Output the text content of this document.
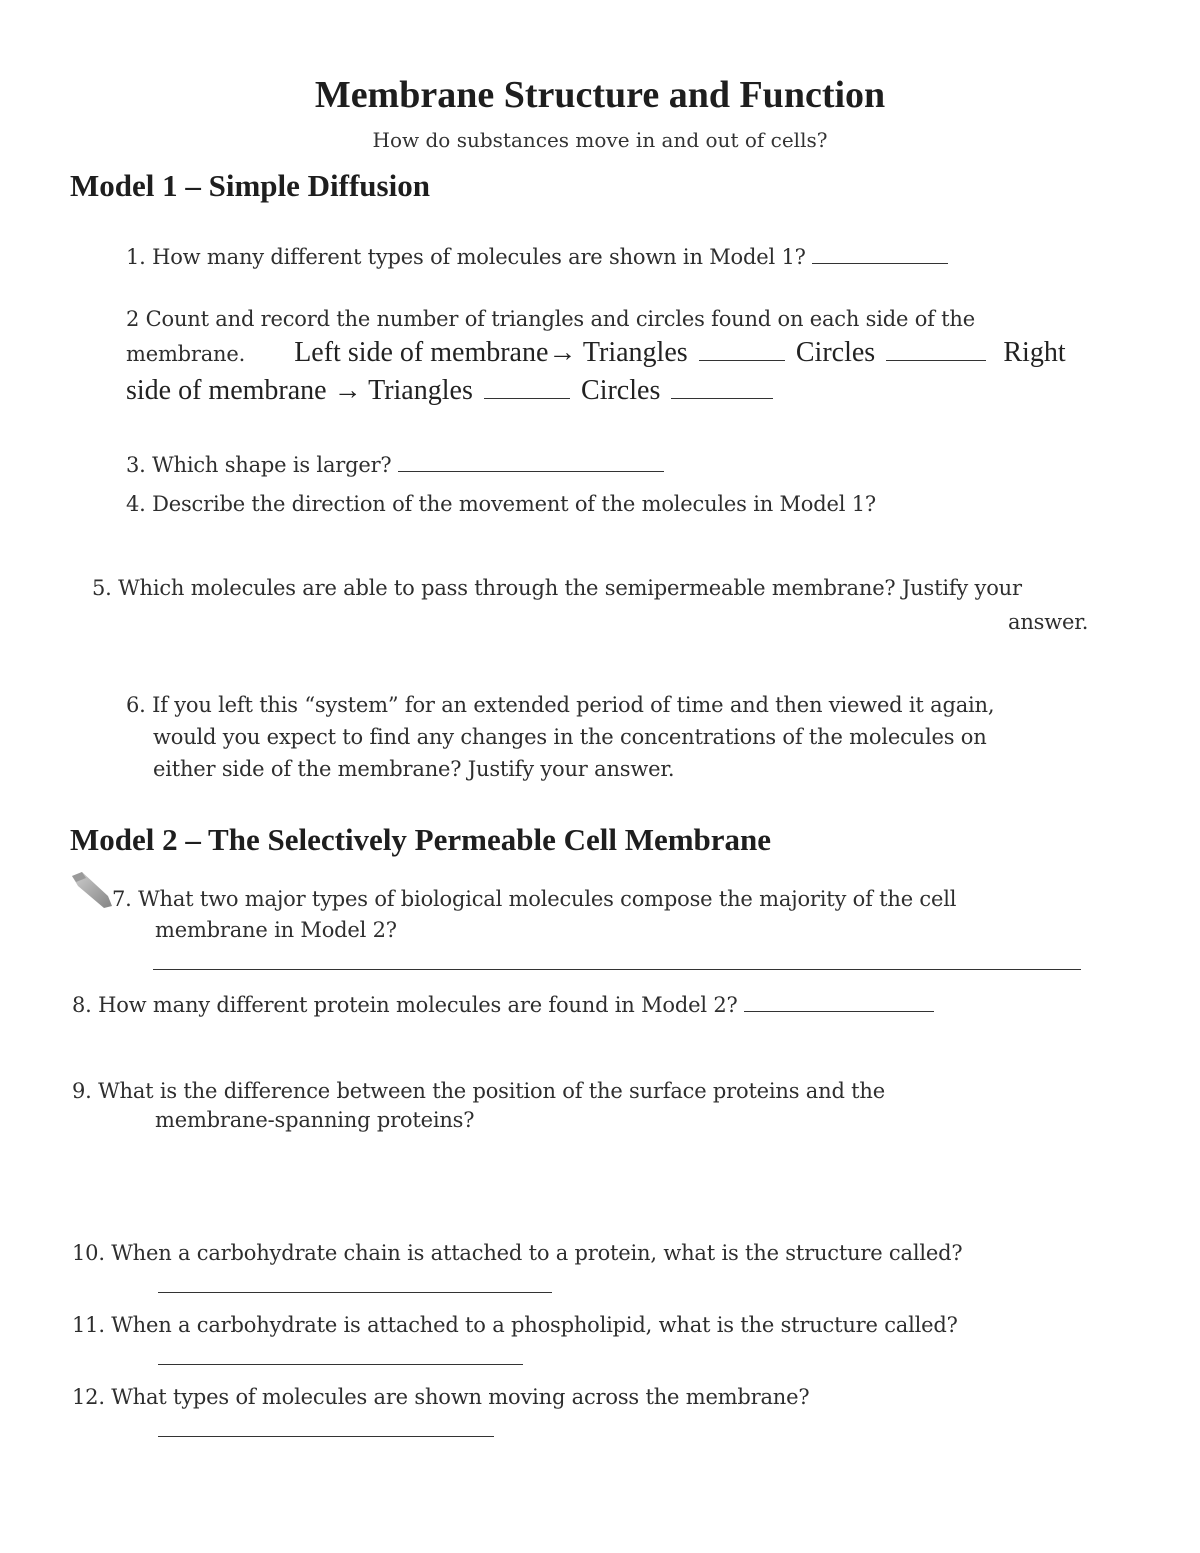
Membrane Structure and Function
How do substances move in and out of cells?
Model 1 – Simple Diffusion
1. How many different types of molecules are shown in Model 1?
2 Count and record the number of triangles and circles found on each side of the
membrane. Left side of membrane→ Triangles	Circles	Right
side of membrane → Triangles	Circles
3. Which shape is larger?
4. Describe the direction of the movement of the molecules in Model 1?
5. Which molecules are able to pass through the semipermeable membrane? Justify your
answer.
6. If you left this “system” for an extended period of time and then viewed it again,
would you expect to find any changes in the concentrations of the molecules on
either side of the membrane? Justify your answer.
Model 2 – The Selectively Permeable Cell Membrane
7. What two major types of biological molecules compose the majority of the cell
membrane in Model 2?
8. How many different protein molecules are found in Model 2?
9. What is the difference between the position of the surface proteins and the
membrane-spanning proteins?
10. When a carbohydrate chain is attached to a protein, what is the structure called?
11. When a carbohydrate is attached to a phospholipid, what is the structure called?
12. What types of molecules are shown moving across the membrane?
